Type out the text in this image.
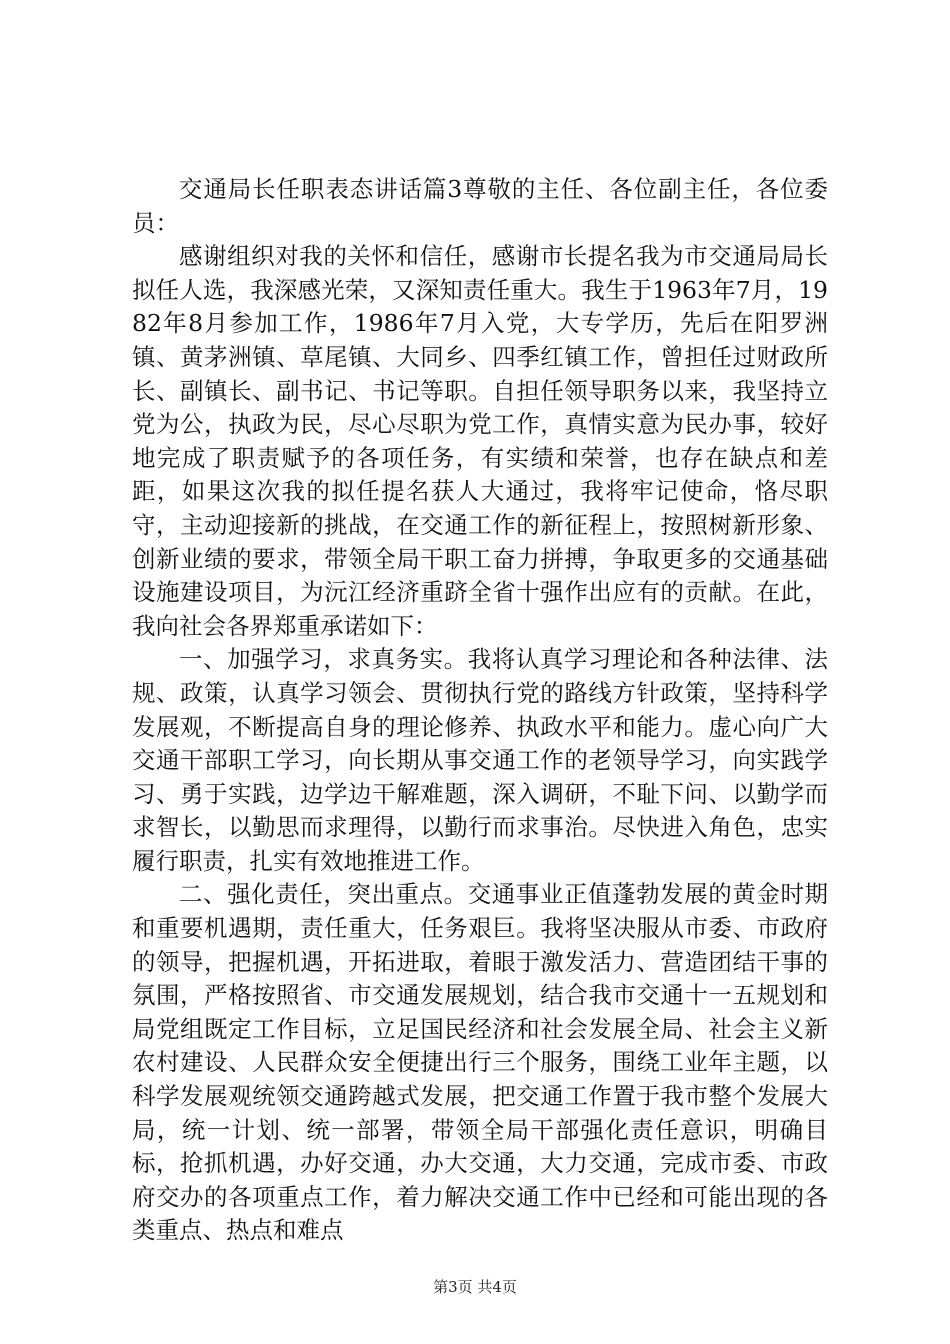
交通局长任职表态讲话篇3尊敬的主任、各位副主任，各位委员：

感谢组织对我的关怀和信任，感谢市长提名我为市交通局局长拟任人选，我深感光荣，又深知责任重大。我生于1963年7月，1982年8月参加工作，1986年7月入党，大专学历，先后在阳罗洲镇、黄茅洲镇、草尾镇、大同乡、四季红镇工作，曾担任过财政所长、副镇长、副书记、书记等职。自担任领导职务以来，我坚持立党为公，执政为民，尽心尽职为党工作，真情实意为民办事，较好地完成了职责赋予的各项任务，有实绩和荣誉，也存在缺点和差距，如果这次我的拟任提名获人大通过，我将牢记使命，恪尽职守，主动迎接新的挑战，在交通工作的新征程上，按照树新形象、创新业绩的要求，带领全局干职工奋力拼搏，争取更多的交通基础设施建设项目，为沅江经济重跻全省十强作出应有的贡献。在此，我向社会各界郑重承诺如下：

一、加强学习，求真务实。我将认真学习理论和各种法律、法规、政策，认真学习领会、贯彻执行党的路线方针政策，坚持科学发展观，不断提高自身的理论修养、执政水平和能力。虚心向广大交通干部职工学习，向长期从事交通工作的老领导学习，向实践学习、勇于实践，边学边干解难题，深入调研，不耻下问、以勤学而求智长，以勤思而求理得，以勤行而求事治。尽快进入角色，忠实履行职责，扎实有效地推进工作。

二、强化责任，突出重点。交通事业正值蓬勃发展的黄金时期和重要机遇期，责任重大，任务艰巨。我将坚决服从市委、市政府的领导，把握机遇，开拓进取，着眼于激发活力、营造团结干事的氛围，严格按照省、市交通发展规划，结合我市交通十一五规划和局党组既定工作目标，立足国民经济和社会发展全局、社会主义新农村建设、人民群众安全便捷出行三个服务，围绕工业年主题，以科学发展观统领交通跨越式发展，把交通工作置于我市整个发展大局，统一计划、统一部署，带领全局干部强化责任意识，明确目标，抢抓机遇，办好交通，办大交通，大力交通，完成市委、市政府交办的各项重点工作，着力解决交通工作中已经和可能出现的各类重点、热点和难点

第3页 共4页
